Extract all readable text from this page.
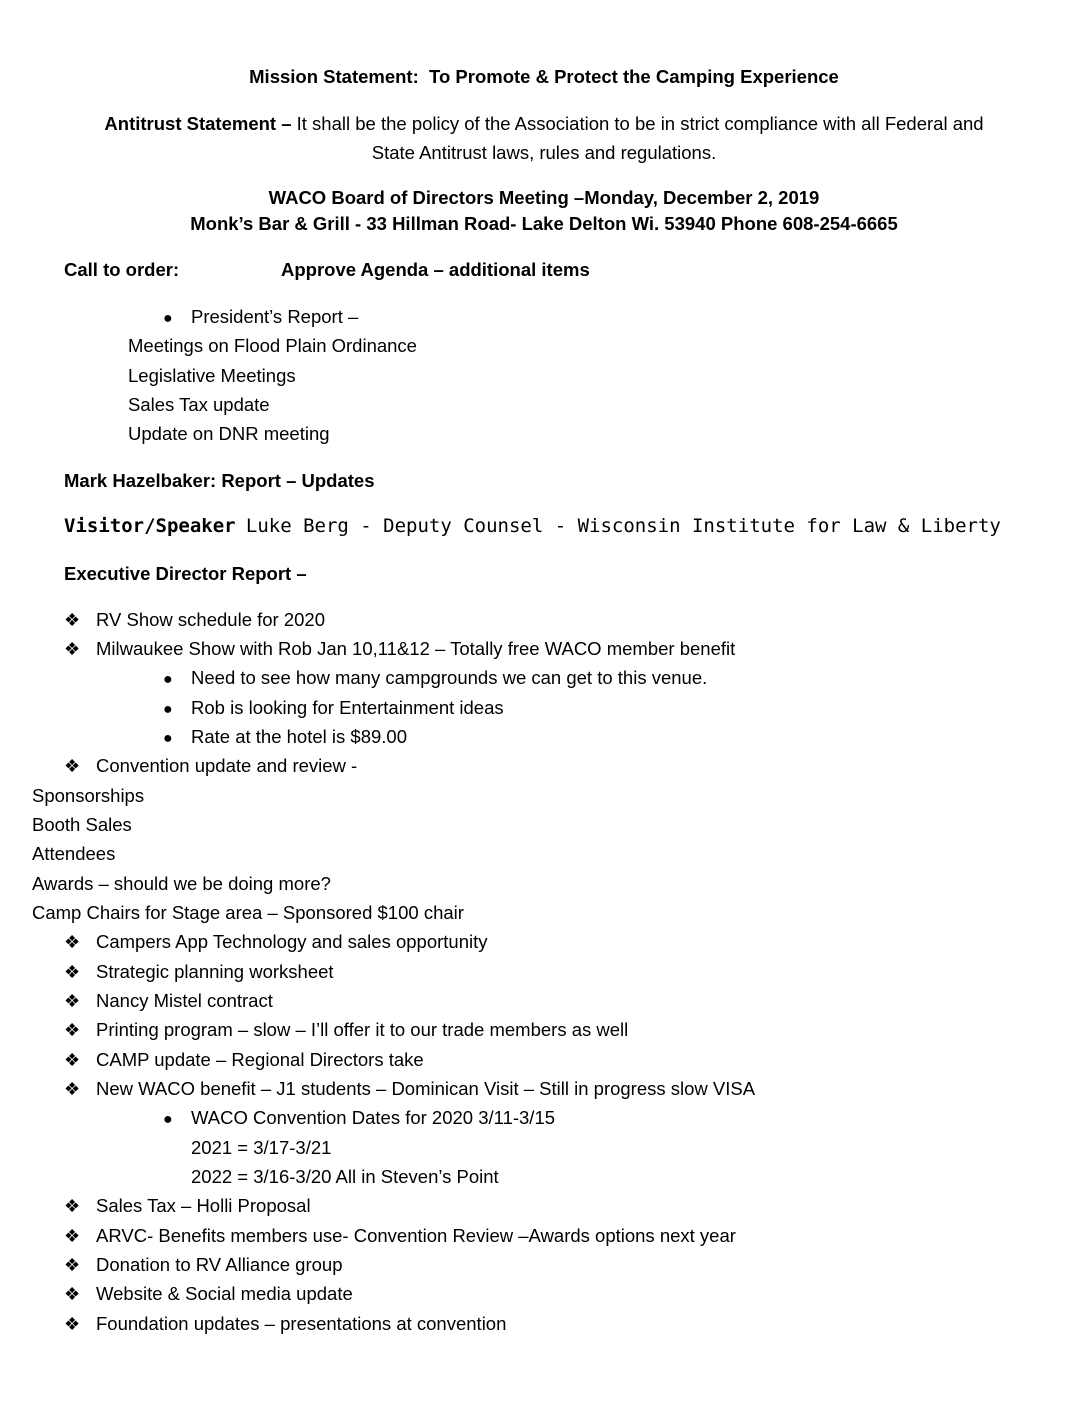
Mission Statement: To Promote & Protect the Camping Experience
Antitrust Statement – It shall be the policy of the Association to be in strict compliance with all Federal and
State Antitrust laws, rules and regulations.
WACO Board of Directors Meeting –Monday, December 2, 2019
Monk’s Bar & Grill - 33 Hillman Road- Lake Delton Wi. 53940 Phone 608-254-6665
Call to order:	Approve Agenda – additional items
● President’s Report –
Meetings on Flood Plain Ordinance
Legislative Meetings
Sales Tax update
Update on DNR meeting
Mark Hazelbaker: Report – Updates
Visitor/Speaker Luke Berg - Deputy Counsel - Wisconsin Institute for Law & Liberty
Executive Director Report –
❖ RV Show schedule for 2020
❖ Milwaukee Show with Rob Jan 10,11&12 – Totally free WACO member benefit
● Need to see how many campgrounds we can get to this venue.
● Rob is looking for Entertainment ideas
● Rate at the hotel is $89.00
❖ Convention update and review -
Sponsorships
Booth Sales
Attendees
Awards – should we be doing more?
Camp Chairs for Stage area – Sponsored $100 chair
❖ Campers App Technology and sales opportunity
❖ Strategic planning worksheet
❖ Nancy Mistel contract
❖ Printing program – slow – I’ll offer it to our trade members as well
❖ CAMP update – Regional Directors take
❖ New WACO benefit – J1 students – Dominican Visit – Still in progress slow VISA
● WACO Convention Dates for 2020 3/11-3/15
2021 = 3/17-3/21
2022 = 3/16-3/20 All in Steven’s Point
❖ Sales Tax – Holli Proposal
❖ ARVC- Benefits members use- Convention Review –Awards options next year
❖ Donation to RV Alliance group
❖ Website & Social media update
❖ Foundation updates – presentations at convention
